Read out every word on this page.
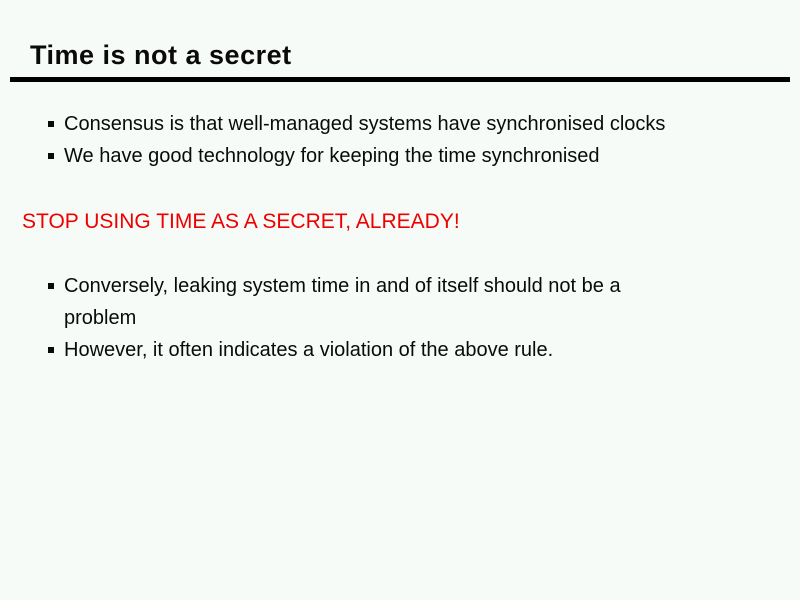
Time is not a secret
Consensus is that well-managed systems have synchronised clocks
We have good technology for keeping the time synchronised
STOP USING TIME AS A SECRET, ALREADY!
Conversely, leaking system time in and of itself should not be a problem
However, it often indicates a violation of the above rule.
